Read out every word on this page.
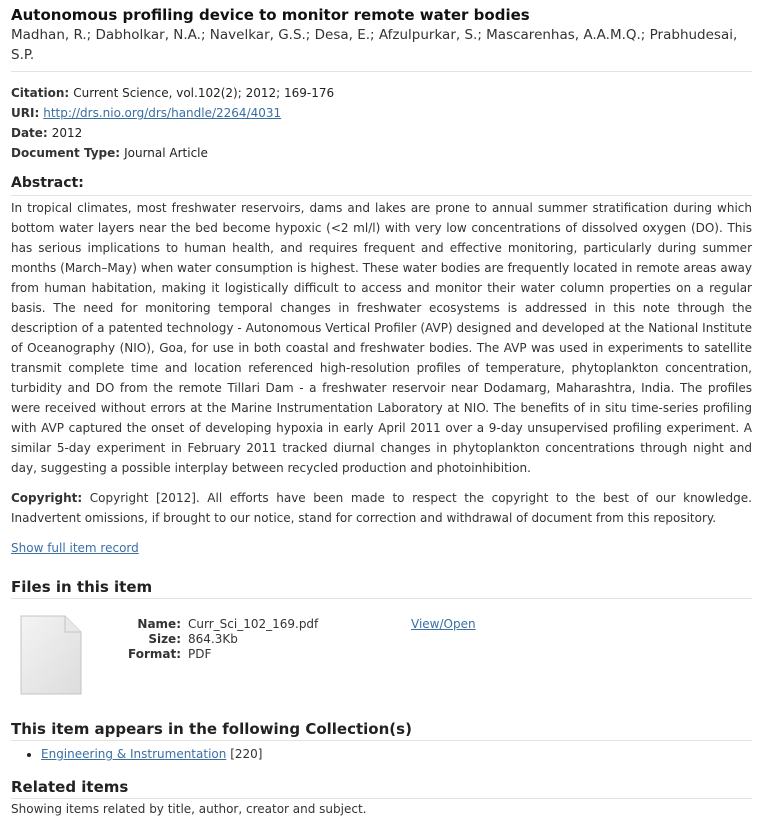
Autonomous profiling device to monitor remote water bodies
Madhan, R.; Dabholkar, N.A.; Navelkar, G.S.; Desa, E.; Afzulpurkar, S.; Mascarenhas, A.A.M.Q.; Prabhudesai, S.P.
Citation: Current Science, vol.102(2); 2012; 169-176
URI: http://drs.nio.org/drs/handle/2264/4031
Date: 2012
Document Type: Journal Article
Abstract:

In tropical climates, most freshwater reservoirs, dams and lakes are prone to annual summer stratification during which bottom water layers near the bed become hypoxic (<2 ml/l) with very low concentrations of dissolved oxygen (DO). This has serious implications to human health, and requires frequent and effective monitoring, particularly during summer months (March–May) when water consumption is highest. These water bodies are frequently located in remote areas away from human habitation, making it logistically difficult to access and monitor their water column properties on a regular basis. The need for monitoring temporal changes in freshwater ecosystems is addressed in this note through the description of a patented technology - Autonomous Vertical Profiler (AVP) designed and developed at the National Institute of Oceanography (NIO), Goa, for use in both coastal and freshwater bodies. The AVP was used in experiments to satellite transmit complete time and location referenced high-resolution profiles of temperature, phytoplankton concentration, turbidity and DO from the remote Tillari Dam - a freshwater reservoir near Dodamarg, Maharashtra, India. The profiles were received without errors at the Marine Instrumentation Laboratory at NIO. The benefits of in situ time-series profiling with AVP captured the onset of developing hypoxia in early April 2011 over a 9-day unsupervised profiling experiment. A similar 5-day experiment in February 2011 tracked diurnal changes in phytoplankton concentrations through night and day, suggesting a possible interplay between recycled production and photoinhibition.

Copyright: Copyright [2012]. All efforts have been made to respect the copyright to the best of our knowledge. Inadvertent omissions, if brought to our notice, stand for correction and withdrawal of document from this repository.
Show full item record
Files in this item
Name: Curr_Sci_102_169.pdf
Size: 864.3Kb
Format: PDF
View/Open
This item appears in the following Collection(s)
• Engineering & Instrumentation [220]
Related items
Showing items related by title, author, creator and subject.
